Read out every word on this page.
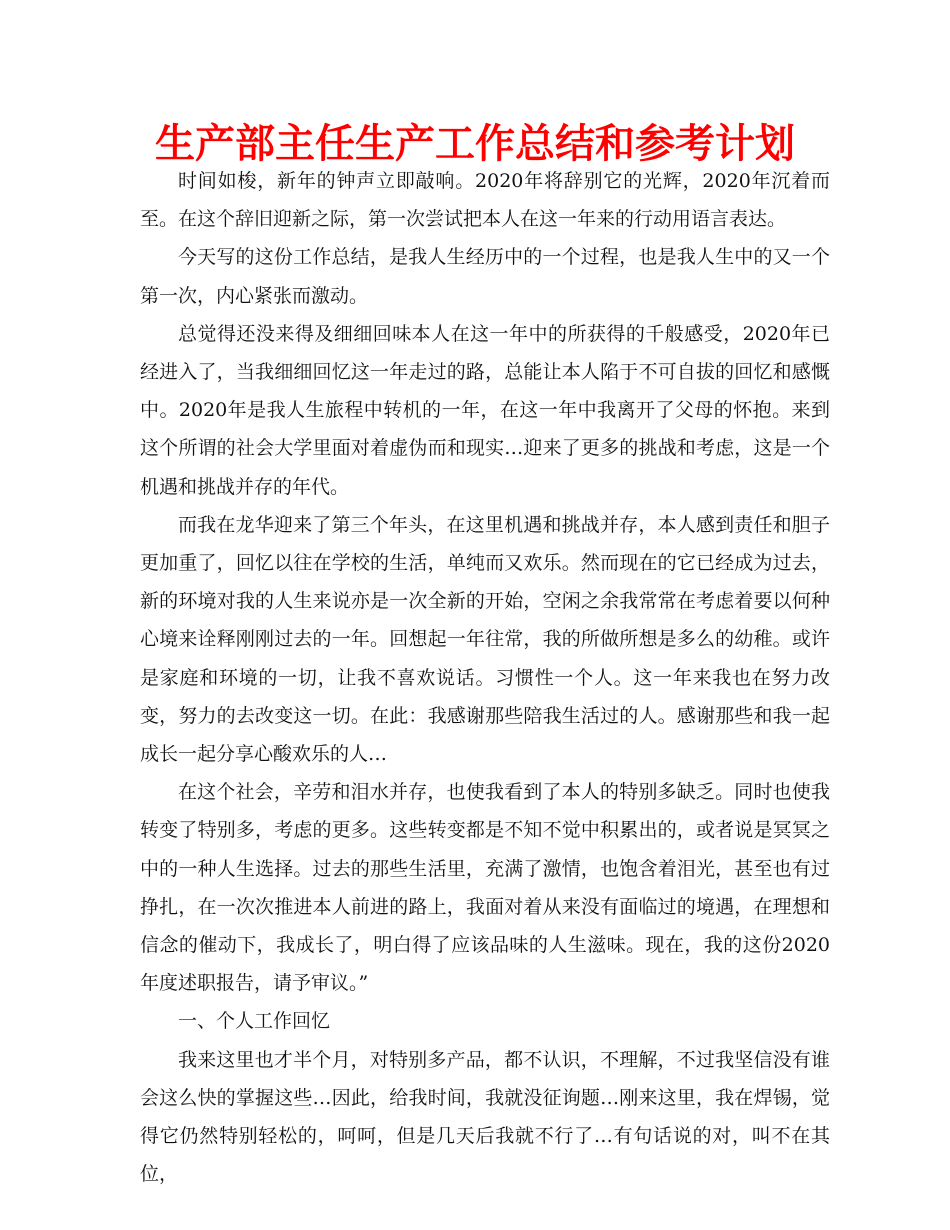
生产部主任生产工作总结和参考计划

时间如梭，新年的钟声立即敲响。2020年将辞别它的光辉，2020年沉着而至。在这个辞旧迎新之际，第一次尝试把本人在这一年来的行动用语言表达。

今天写的这份工作总结，是我人生经历中的一个过程，也是我人生中的又一个第一次，内心紧张而激动。

总觉得还没来得及细细回味本人在这一年中的所获得的千般感受，2020年已经进入了，当我细细回忆这一年走过的路，总能让本人陷于不可自拔的回忆和感慨中。2020年是我人生旅程中转机的一年，在这一年中我离开了父母的怀抱。来到这个所谓的社会大学里面对着虚伪而和现实…迎来了更多的挑战和考虑，这是一个机遇和挑战并存的年代。

而我在龙华迎来了第三个年头，在这里机遇和挑战并存，本人感到责任和胆子更加重了，回忆以往在学校的生活，单纯而又欢乐。然而现在的它已经成为过去，新的环境对我的人生来说亦是一次全新的开始，空闲之余我常常在考虑着要以何种心境来诠释刚刚过去的一年。回想起一年往常，我的所做所想是多么的幼稚。或许是家庭和环境的一切，让我不喜欢说话。习惯性一个人。这一年来我也在努力改变，努力的去改变这一切。在此：我感谢那些陪我生活过的人。感谢那些和我一起成长一起分享心酸欢乐的人…

在这个社会，辛劳和泪水并存，也使我看到了本人的特别多缺乏。同时也使我转变了特别多，考虑的更多。这些转变都是不知不觉中积累出的，或者说是冥冥之中的一种人生选择。过去的那些生活里，充满了激情，也饱含着泪光，甚至也有过挣扎，在一次次推进本人前进的路上，我面对着从来没有面临过的境遇，在理想和信念的催动下，我成长了，明白得了应该品味的人生滋味。现在，我的这份2020年度述职报告，请予审议。”

一、个人工作回忆

我来这里也才半个月，对特别多产品，都不认识，不理解，不过我坚信没有谁会这么快的掌握这些…因此，给我时间，我就没征询题…刚来这里，我在焊锡，觉得它仍然特别轻松的，呵呵，但是几天后我就不行了…有句话说的对，叫不在其位，
